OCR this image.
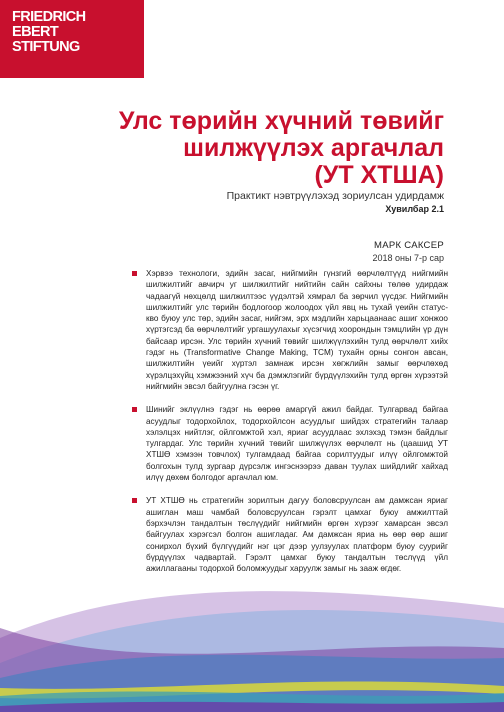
FRIEDRICH
EBERT
STIFTUNG
Улс төрийн хүчний төвийг
шилжүүлэх аргачлал
(УТ ХТША)
Практикт нэвтрүүлэхэд зориулсан удирдамж
Хувилбар 2.1
МАРК САКСЕР
2018 оны 7-р сар

Хэрвээ технологи, эдийн засаг, нийгмийн гүнзгий өөрчлөлтүүд нийгмийн шилжилтийг авчирч уг шилжилтийг нийтийн сайн сайхны төлөө удирдаж чадаагүй нөхцөлд шилжилтээс үүдэлтэй хямрал ба зөрчил үүсдэг. Нийгмийн шилжилтийг улс төрийн бодлогоор жолоодох үйл явц нь тухай үеийн статус-кво буюу улс төр, эдийн засаг, нийгэм, эрх мэдлийн харьцаанаас ашиг хонжоо хүртэгсэд ба өөрчлөлтийг ургашуулахыг хүсэгчид хоорондын тэмцлийн үр дүн байсаар ирсэн. Улс төрийн хүчний төвийг шилжүүлэхийн тулд өөрчлөлт хийх гэдэг нь (Transformative Change Making, TCM) тухайн орны сонгон авсан, шилжилтийн үеийг хүртэл замнаж ирсэн хөгжлийн замыг өөрчлөхөд хүрэлцэхүйц хэмжээний хүч ба дэмжлэгийг бүрдүүлэхийн тулд өргөн хүрээтэй нийгмийн эвсэл байгуулна гэсэн үг.

Шинийг эклүүлнэ гэдэг нь өөрөө амаргүй ажил байдаг. Тулгарвад байгаа асуудлыг тодорхойлох, тодорхойлсон асуудлыг шийдэх стратегийн талаар хэлэлцэх нийтлэг, ойлгомжтой хэл, яриаг асуудлаас эхлэхэд тэмэн байдлыг тулгардаг. Улс төрийн хүчний төвийг шилжүүлэх өөрчлөлт нь (цаашид УТ ХТШӨ хэмээн товчлох) тулгамдаад байгаа сорилтуудыг илүү ойлгомжтой болгохын тулд зургаар дүрсэлж ингэснээрээ даван туулах шийдлийг хайхад илүү дөхөм болгодог аргачлал юм.

УТ ХТШӨ нь стратегийн зорилтын дагуу боловсруулсан ам дамжсан яриаг ашиглан маш чамбай боловсруулсан гэрэлт цамхаг буюу амжилттай бэрхэчлэн тандалтын төслүүдийг нийгмийн өргөн хүрээг хамарсан эвсэл байгуулах хэрэгсэл болгон ашигладаг. Ам дамжсан яриа нь өөр өөр ашиг сонирхол бүхий бүлгүүдийг нэг цэг дээр уулзуулах платформ буюу суурийг бүрдүүлэх чадвартай. Гэрэлт цамхаг буюу тандалтын төслүүд үйл ажиллагааны тодорхой боломжуудыг харуулж замыг нь зааж өгдөг.
